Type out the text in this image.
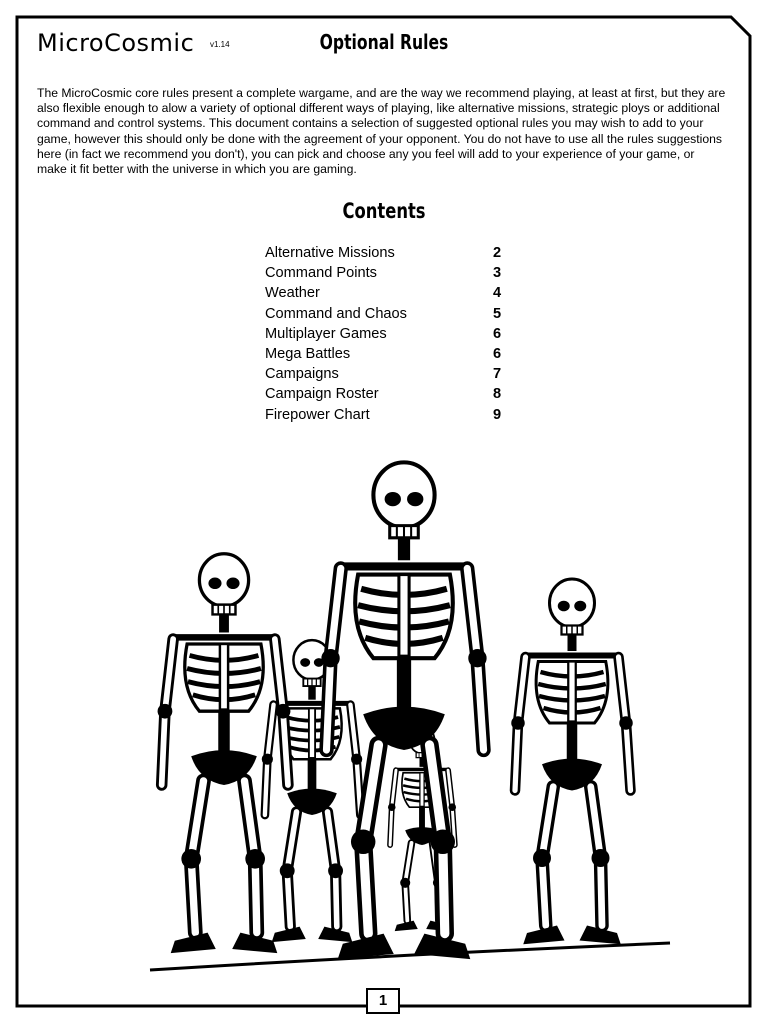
MicroCosmic v1.14	Optional Rules
The MicroCosmic core rules present a complete wargame, and are the way we recommend playing, at least at first, but they are also flexible enough to alow a variety of optional different ways of playing, like alternative missions, strategic ploys or additional command and control systems. This document contains a selection of suggested optional rules you may wish to add to your game, however this should only be done with the agreement of your opponent. You do not have to use all the rules suggestions here (in fact we recommend you don't), you can pick and choose any you feel will add to your experience of your game, or make it fit better with the universe in which you are gaming.
Contents
Alternative Missions	2
Command Points	3
Weather	4
Command and Chaos	5
Multiplayer Games	6
Mega Battles	6
Campaigns	7
Campaign Roster	8
Firepower Chart	9
1
